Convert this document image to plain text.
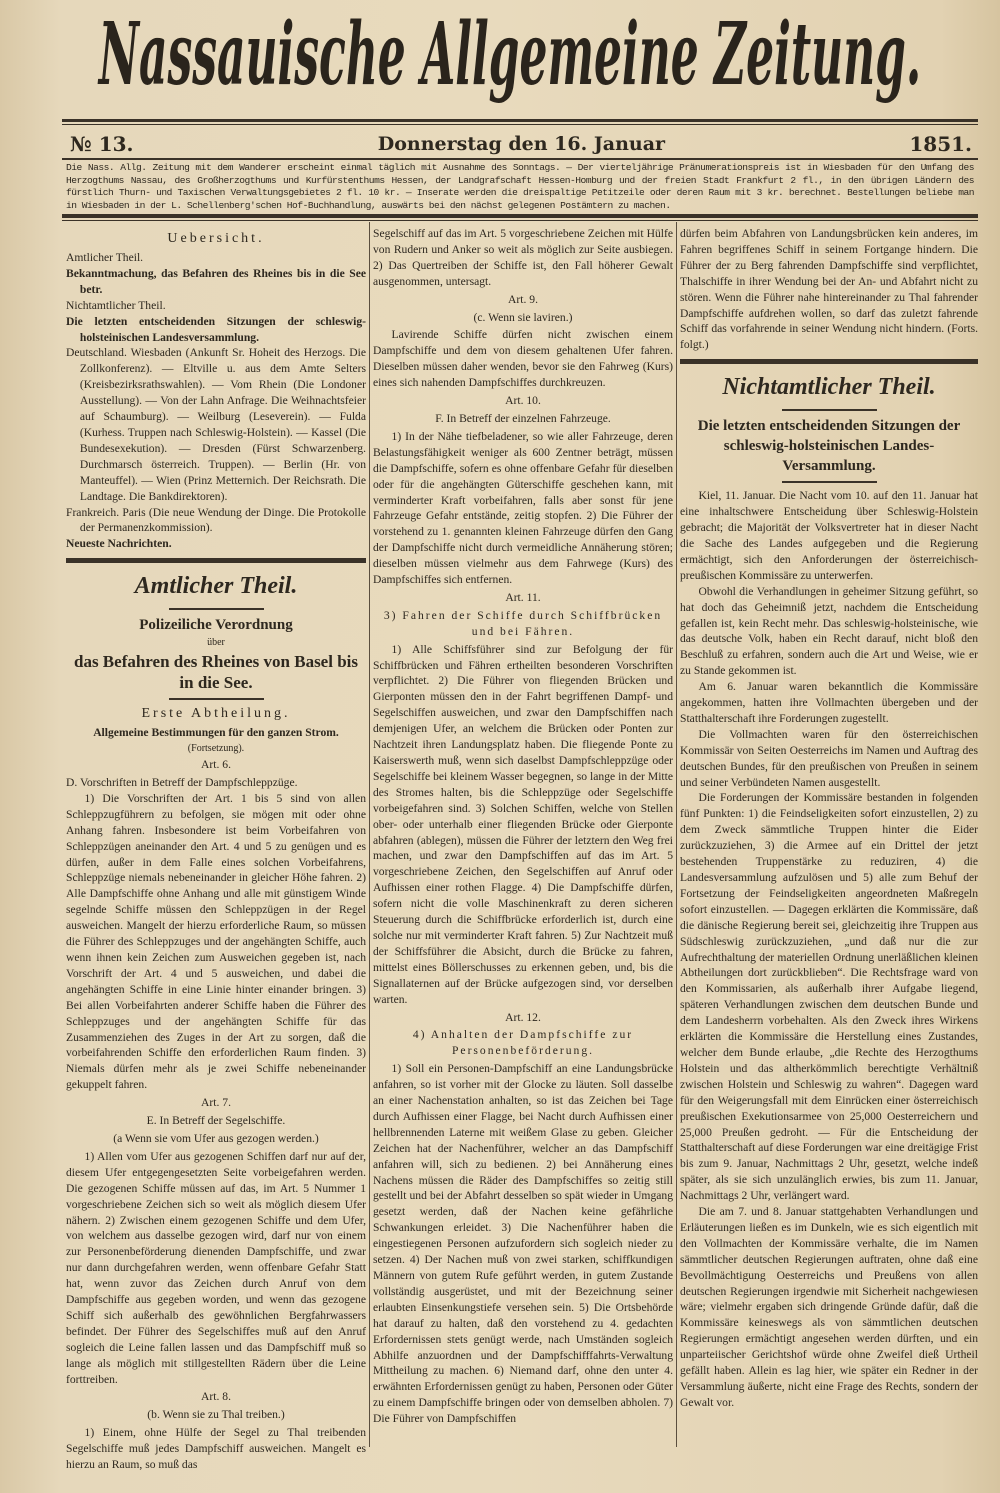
Nassauische Allgemeine Zeitung.
№ 13.	Donnerstag den 16. Januar	1851.
Die Nass. Allg. Zeitung mit dem Wanderer erscheint einmal täglich mit Ausnahme des Sonntags. — Der vierteljährige Pränumerationspreis ist in Wiesbaden für den Umfang des Herzogthums Nassau, des Großherzogthums und Kurfürstenthums Hessen, der Landgrafschaft Hessen-Homburg und der freien Stadt Frankfurt 2 fl., in den übrigen Ländern des fürstlich Thurn- und Taxischen Verwaltungsgebietes 2 fl. 10 kr. — Inserate werden die dreispaltige Petitzeile oder deren Raum mit 3 kr. berechnet. Bestellungen beliebe man in Wiesbaden in der L. Schellenberg'schen Hof-Buchhandlung, auswärts bei den nächst gelegenen Postämtern zu machen.
Uebersicht.
Amtlicher Theil.
Bekanntmachung, das Befahren des Rheines bis in die See betr.
Nichtamtlicher Theil.
Die letzten entscheidenden Sitzungen der schleswig-holsteinischen Landesversammlung.
Deutschland. Wiesbaden (Ankunft Sr. Hoheit des Herzogs. Die Zollkonferenz). — Eltville u. aus dem Amte Selters (Kreisbezirksrathswahlen). — Vom Rhein (Die Londoner Ausstellung). — Von der Lahn Anfrage. Die Weihnachtsfeier auf Schaumburg). — Weilburg (Leseverein). — Fulda (Kurhess. Truppen nach Schleswig-Holstein). — Kassel (Die Bundesexekution). — Dresden (Fürst Schwarzenberg. Durchmarsch österreich. Truppen). — Berlin (Hr. von Manteuffel). — Wien (Prinz Metternich. Der Reichsrath. Die Landtage. Die Bankdirektoren).
Frankreich. Paris (Die neue Wendung der Dinge. Die Protokolle der Permanenzkommission).
Neueste Nachrichten.
Amtlicher Theil.
Polizeiliche Verordnung
über
das Befahren des Rheines von Basel bis in die See.
Erste Abtheilung.
Allgemeine Bestimmungen für den ganzen Strom.
(Fortsetzung).
Art. 6.
D. Vorschriften in Betreff der Dampfschleppzüge.
1) Die Vorschriften der Art. 1 bis 5 sind von allen Schleppzugführern zu befolgen, sie mögen mit oder ohne Anhang fahren. Insbesondere ist beim Vorbeifahren von Schleppzügen aneinander den Art. 4 und 5 zu genügen und es dürfen, außer in dem Falle eines solchen Vorbeifahrens, Schleppzüge niemals nebeneinander in gleicher Höhe fahren. 2) Alle Dampfschiffe ohne Anhang und alle mit günstigem Winde segelnde Schiffe müssen den Schleppzügen in der Regel ausweichen. Mangelt der hierzu erforderliche Raum, so müssen die Führer des Schleppzuges und der angehängten Schiffe, auch wenn ihnen kein Zeichen zum Ausweichen gegeben ist, nach Vorschrift der Art. 4 und 5 ausweichen, und dabei die angehängten Schiffe in eine Linie hinter einander bringen. 3) Bei allen Vorbeifahrten anderer Schiffe haben die Führer des Schleppzuges und der angehängten Schiffe für das Zusammenziehen des Zuges in der Art zu sorgen, daß die vorbeifahrenden Schiffe den erforderlichen Raum finden. 3) Niemals dürfen mehr als je zwei Schiffe nebeneinander gekuppelt fahren.
Art. 7.
E. In Betreff der Segelschiffe.
(a Wenn sie vom Ufer aus gezogen werden.)
1) Allen vom Ufer aus gezogenen Schiffen darf nur auf der, diesem Ufer entgegengesetzten Seite vorbeigefahren werden. Die gezogenen Schiffe müssen auf das, im Art. 5 Nummer 1 vorgeschriebene Zeichen sich so weit als möglich diesem Ufer nähern. 2) Zwischen einem gezogenen Schiffe und dem Ufer, von welchem aus dasselbe gezogen wird, darf nur von einem zur Personenbeförderung dienenden Dampfschiffe, und zwar nur dann durchgefahren werden, wenn offenbare Gefahr Statt hat, wenn zuvor das Zeichen durch Anruf von dem Dampfschiffe aus gegeben worden, und wenn das gezogene Schiff sich außerhalb des gewöhnlichen Bergfahrwassers befindet. Der Führer des Segelschiffes muß auf den Anruf sogleich die Leine fallen lassen und das Dampfschiff muß so lange als möglich mit stillgestellten Rädern über die Leine forttreiben.
Art. 8.
(b. Wenn sie zu Thal treiben.)
1) Einem, ohne Hülfe der Segel zu Thal treibenden Segelschiffe muß jedes Dampfschiff ausweichen. Mangelt es hierzu an Raum, so muß das
Segelschiff auf das im Art. 5 vorgeschriebene Zeichen mit Hülfe von Rudern und Anker so weit als möglich zur Seite ausbiegen. 2) Das Quertreiben der Schiffe ist, den Fall höherer Gewalt ausgenommen, untersagt.
Art. 9.
(c. Wenn sie laviren.)
Lavirende Schiffe dürfen nicht zwischen einem Dampfschiffe und dem von diesem gehaltenen Ufer fahren. Dieselben müssen daher wenden, bevor sie den Fahrweg (Kurs) eines sich nahenden Dampfschiffes durchkreuzen.
Art. 10.
F. In Betreff der einzelnen Fahrzeuge.
1) In der Nähe tiefbeladener, so wie aller Fahrzeuge, deren Belastungsfähigkeit weniger als 600 Zentner beträgt, müssen die Dampfschiffe, sofern es ohne offenbare Gefahr für dieselben oder für die angehängten Güterschiffe geschehen kann, mit verminderter Kraft vorbeifahren, falls aber sonst für jene Fahrzeuge Gefahr entstände, zeitig stopfen. 2) Die Führer der vorstehend zu 1. genannten kleinen Fahrzeuge dürfen den Gang der Dampfschiffe nicht durch vermeidliche Annäherung stören; dieselben müssen vielmehr aus dem Fahrwege (Kurs) des Dampfschiffes sich entfernen.
Art. 11.
3) Fahren der Schiffe durch Schiffbrücken und bei Fähren.
1) Alle Schiffsführer sind zur Befolgung der für Schiffbrücken und Fähren ertheilten besonderen Vorschriften verpflichtet. 2) Die Führer von fliegenden Brücken und Gierponten müssen den in der Fahrt begriffenen Dampf- und Segelschiffen ausweichen, und zwar den Dampfschiffen nach demjenigen Ufer, an welchem die Brücken oder Ponten zur Nachtzeit ihren Landungsplatz haben. Die fliegende Ponte zu Kaiserswerth muß, wenn sich daselbst Dampfschleppzüge oder Segelschiffe bei kleinem Wasser begegnen, so lange in der Mitte des Stromes halten, bis die Schleppzüge oder Segelschiffe vorbeigefahren sind. 3) Solchen Schiffen, welche von Stellen ober- oder unterhalb einer fliegenden Brücke oder Gierponte abfahren (ablegen), müssen die Führer der letztern den Weg frei machen, und zwar den Dampfschiffen auf das im Art. 5 vorgeschriebene Zeichen, den Segelschiffen auf Anruf oder Aufhissen einer rothen Flagge. 4) Die Dampfschiffe dürfen, sofern nicht die volle Maschinenkraft zu deren sicheren Steuerung durch die Schiffbrücke erforderlich ist, durch eine solche nur mit verminderter Kraft fahren. 5) Zur Nachtzeit muß der Schiffsführer die Absicht, durch die Brücke zu fahren, mittelst eines Böllerschusses zu erkennen geben, und, bis die Signallaternen auf der Brücke aufgezogen sind, vor derselben warten.
Art. 12.
4) Anhalten der Dampfschiffe zur Personenbeförderung.
1) Soll ein Personen-Dampfschiff an eine Landungsbrücke anfahren, so ist vorher mit der Glocke zu läuten. Soll dasselbe an einer Nachenstation anhalten, so ist das Zeichen bei Tage durch Aufhissen einer Flagge, bei Nacht durch Aufhissen einer hellbrennenden Laterne mit weißem Glase zu geben. Gleicher Zeichen hat der Nachenführer, welcher an das Dampfschiff anfahren will, sich zu bedienen. 2) bei Annäherung eines Nachens müssen die Räder des Dampfschiffes so zeitig still gestellt und bei der Abfahrt desselben so spät wieder in Umgang gesetzt werden, daß der Nachen keine gefährliche Schwankungen erleidet. 3) Die Nachenführer haben die eingestiegenen Personen aufzufordern sich sogleich nieder zu setzen. 4) Der Nachen muß von zwei starken, schiffkundigen Männern von gutem Rufe geführt werden, in gutem Zustande vollständig ausgerüstet, und mit der Bezeichnung seiner erlaubten Einsenkungstiefe versehen sein. 5) Die Ortsbehörde hat darauf zu halten, daß den vorstehend zu 4. gedachten Erfordernissen stets genügt werde, nach Umständen sogleich Abhilfe anzuordnen und der Dampfschifffahrts-Verwaltung Mittheilung zu machen. 6) Niemand darf, ohne den unter 4. erwähnten Erfordernissen genügt zu haben, Personen oder Güter zu einem Dampfschiffe bringen oder von demselben abholen. 7) Die Führer von Dampfschiffen
dürfen beim Abfahren von Landungsbrücken kein anderes, im Fahren begriffenes Schiff in seinem Fortgange hindern. Die Führer der zu Berg fahrenden Dampfschiffe sind verpflichtet, Thalschiffe in ihrer Wendung bei der An- und Abfahrt nicht zu stören. Wenn die Führer nahe hintereinander zu Thal fahrender Dampfschiffe aufdrehen wollen, so darf das zuletzt fahrende Schiff das vorfahrende in seiner Wendung nicht hindern. (Forts. folgt.)
Nichtamtlicher Theil.
Die letzten entscheidenden Sitzungen der schleswig-holsteinischen Landes-Versammlung.
Kiel, 11. Januar. Die Nacht vom 10. auf den 11. Januar hat eine inhaltschwere Entscheidung über Schleswig-Holstein gebracht; die Majorität der Volksvertreter hat in dieser Nacht die Sache des Landes aufgegeben und die Regierung ermächtigt, sich den Anforderungen der österreichisch-preußischen Kommissäre zu unterwerfen.
Obwohl die Verhandlungen in geheimer Sitzung geführt, so hat doch das Geheimniß jetzt, nachdem die Entscheidung gefallen ist, kein Recht mehr. Das schleswig-holsteinische, wie das deutsche Volk, haben ein Recht darauf, nicht bloß den Beschluß zu erfahren, sondern auch die Art und Weise, wie er zu Stande gekommen ist.
Am 6. Januar waren bekanntlich die Kommissäre angekommen, hatten ihre Vollmachten übergeben und der Statthalterschaft ihre Forderungen zugestellt.
Die Vollmachten waren für den österreichischen Kommissär von Seiten Oesterreichs im Namen und Auftrag des deutschen Bundes, für den preußischen von Preußen in seinem und seiner Verbündeten Namen ausgestellt.
Die Forderungen der Kommissäre bestanden in folgenden fünf Punkten: 1) die Feindseligkeiten sofort einzustellen, 2) zu dem Zweck sämmtliche Truppen hinter die Eider zurückzuziehen, 3) die Armee auf ein Drittel der jetzt bestehenden Truppenstärke zu reduziren, 4) die Landesversammlung aufzulösen und 5) alle zum Behuf der Fortsetzung der Feindseligkeiten angeordneten Maßregeln sofort einzustellen. — Dagegen erklärten die Kommissäre, daß die dänische Regierung bereit sei, gleichzeitig ihre Truppen aus Südschleswig zurückzuziehen, „und daß nur die zur Aufrechthaltung der materiellen Ordnung unerläßlichen kleinen Abtheilungen dort zurückblieben“. Die Rechtsfrage ward von den Kommissarien, als außerhalb ihrer Aufgabe liegend, späteren Verhandlungen zwischen dem deutschen Bunde und dem Landesherrn vorbehalten. Als den Zweck ihres Wirkens erklärten die Kommissäre die Herstellung eines Zustandes, welcher dem Bunde erlaube, „die Rechte des Herzogthums Holstein und das altherkömmlich berechtigte Verhältniß zwischen Holstein und Schleswig zu wahren“. Dagegen ward für den Weigerungsfall mit dem Einrücken einer österreichisch preußischen Exekutionsarmee von 25,000 Oesterreichern und 25,000 Preußen gedroht. — Für die Entscheidung der Statthalterschaft auf diese Forderungen war eine dreitägige Frist bis zum 9. Januar, Nachmittags 2 Uhr, gesetzt, welche indeß später, als sie sich unzulänglich erwies, bis zum 11. Januar, Nachmittags 2 Uhr, verlängert ward.
Die am 7. und 8. Januar stattgehabten Verhandlungen und Erläuterungen ließen es im Dunkeln, wie es sich eigentlich mit den Vollmachten der Kommissäre verhalte, die im Namen sämmtlicher deutschen Regierungen auftraten, ohne daß eine Bevollmächtigung Oesterreichs und Preußens von allen deutschen Regierungen irgendwie mit Sicherheit nachgewiesen wäre; vielmehr ergaben sich dringende Gründe dafür, daß die Kommissäre keineswegs als von sämmtlichen deutschen Regierungen ermächtigt angesehen werden dürften, und ein unparteiischer Gerichtshof würde ohne Zweifel dieß Urtheil gefällt haben. Allein es lag hier, wie später ein Redner in der Versammlung äußerte, nicht eine Frage des Rechts, sondern der Gewalt vor.
